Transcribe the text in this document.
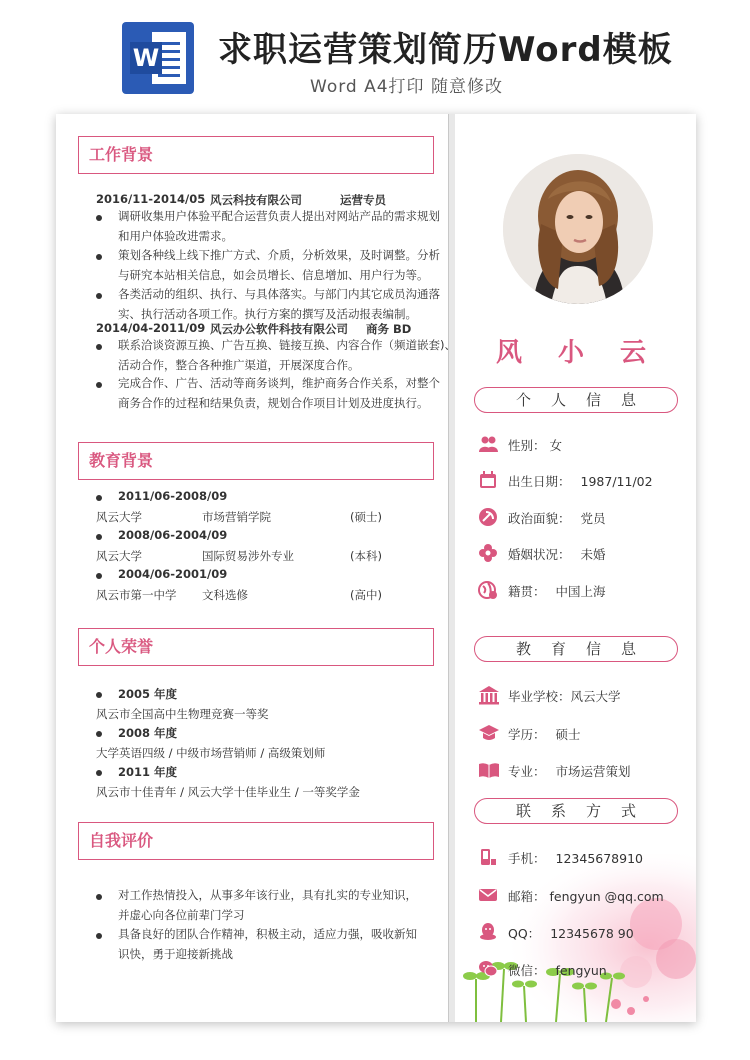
W 求职运营策划简历Word模板
Word A4打印 随意修改
工作背景
2016/11-2014/05 风云科技有限公司	运营专员
调研收集用户体验平配合运营负责人提出对网站产品的需求规划
和用户体验改进需求。
策划各种线上线下推广方式、介质，分析效果，及时调整。分析
与研究本站相关信息，如会员增长、信息增加、用户行为等。
各类活动的组织、执行、与具体落实。与部门内其它成员沟通落
实、执行活动各项工作。执行方案的撰写及活动报表编制。
2014/04-2011/09 风云办公软件科技有限公司 商务 BD
联系洽谈资源互换、广告互换、链接互换、内容合作（频道嵌套)、
活动合作，整合各种推广渠道，开展深度合作。
完成合作、广告、活动等商务谈判，维护商务合作关系，对整个
商务合作的过程和结果负责，规划合作项目计划及进度执行。
教育背景
2011/06-2008/09
风云大学	市场营销学院	(硕士)
2008/06-2004/09
风云大学	国际贸易涉外专业	(本科)
2004/06-2001/09
风云市第一中学 文科选修	(高中)
个人荣誉
2005 年度
风云市全国高中生物理竞赛一等奖
2008 年度
大学英语四级 / 中级市场营销师 / 高级策划师
2011 年度
风云市十佳青年 / 风云大学十佳毕业生 / 一等奖学金
自我评价
对工作热情投入，从事多年该行业，具有扎实的专业知识，
并虚心向各位前辈门学习
具备良好的团队合作精神，积极主动，适应力强，吸收新知
识快，勇于迎接新挑战
风小云
个人信息
性别： 女
出生日期： 1987/11/02
政治面貌： 党员
婚姻状况： 未婚
籍贯： 中国上海
教育信息
毕业学校：风云大学
学历： 硕士
专业： 市场运营策划
联系方式
手机： 12345678910
邮箱： fengyun @qq.com
QQ： 12345678 90
微信： fengyun
